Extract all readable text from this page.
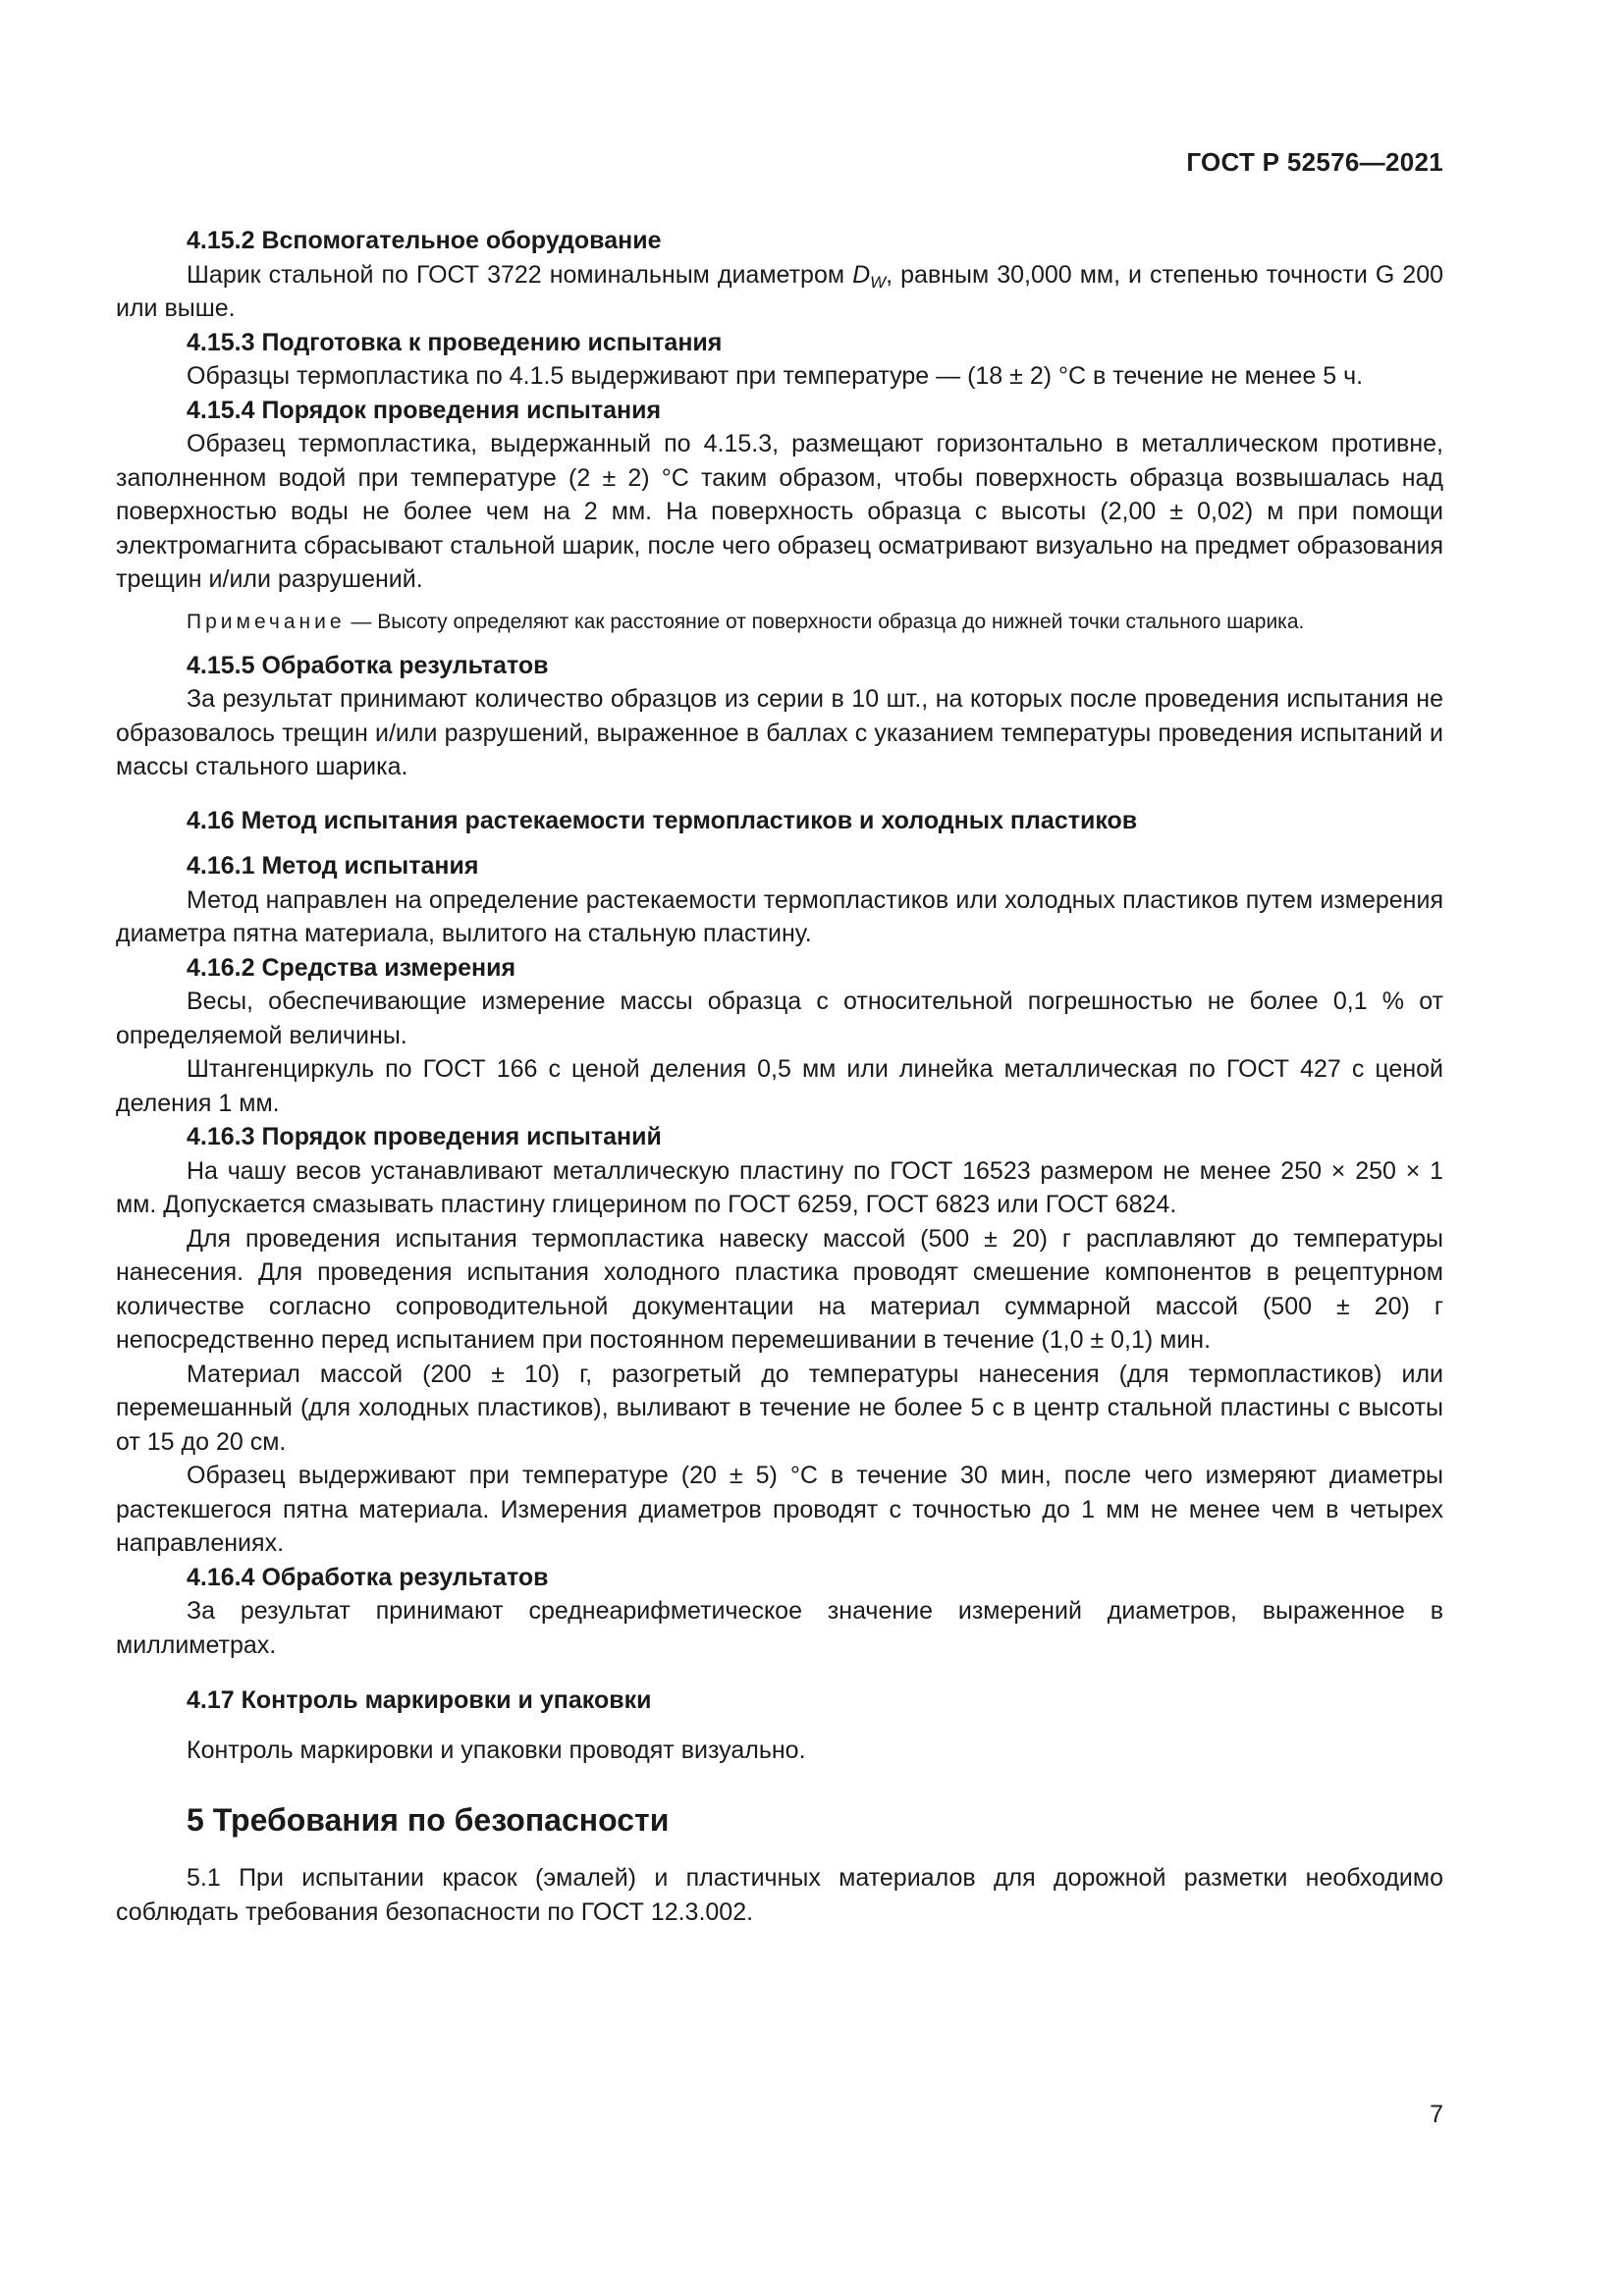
ГОСТ Р 52576—2021

4.15.2 Вспомогательное оборудование

Шарик стальной по ГОСТ 3722 номинальным диаметром $D_W$, равным 30,000 мм, и степенью точности G 200 или выше.

4.15.3 Подготовка к проведению испытания

Образцы термопластика по 4.1.5 выдерживают при температуре — (18 ± 2) °С в течение не менее 5 ч.

4.15.4 Порядок проведения испытания

Образец термопластика, выдержанный по 4.15.3, размещают горизонтально в металлическом противне, заполненном водой при температуре (2 ± 2) °С таким образом, чтобы поверхность образца возвышалась над поверхностью воды не более чем на 2 мм. На поверхность образца с высоты (2,00 ± 0,02) м при помощи электромагнита сбрасывают стальной шарик, после чего образец осматривают визуально на предмет образования трещин и/или разрушений.

Примечание — Высоту определяют как расстояние от поверхности образца до нижней точки стального шарика.

4.15.5 Обработка результатов

За результат принимают количество образцов из серии в 10 шт., на которых после проведения испытания не образовалось трещин и/или разрушений, выраженное в баллах с указанием температуры проведения испытаний и массы стального шарика.

4.16 Метод испытания растекаемости термопластиков и холодных пластиков

4.16.1 Метод испытания

Метод направлен на определение растекаемости термопластиков или холодных пластиков путем измерения диаметра пятна материала, вылитого на стальную пластину.

4.16.2 Средства измерения

Весы, обеспечивающие измерение массы образца с относительной погрешностью не более 0,1 % от определяемой величины.

Штангенциркуль по ГОСТ 166 с ценой деления 0,5 мм или линейка металлическая по ГОСТ 427 с ценой деления 1 мм.

4.16.3 Порядок проведения испытаний

На чашу весов устанавливают металлическую пластину по ГОСТ 16523 размером не менее 250 × 250 × 1 мм. Допускается смазывать пластину глицерином по ГОСТ 6259, ГОСТ 6823 или ГОСТ 6824.

Для проведения испытания термопластика навеску массой (500 ± 20) г расплавляют до температуры нанесения. Для проведения испытания холодного пластика проводят смешение компонентов в рецептурном количестве согласно сопроводительной документации на материал суммарной массой (500 ± 20) г непосредственно перед испытанием при постоянном перемешивании в течение (1,0 ± 0,1) мин.

Материал массой (200 ± 10) г, разогретый до температуры нанесения (для термопластиков) или перемешанный (для холодных пластиков), выливают в течение не более 5 с в центр стальной пластины с высоты от 15 до 20 см.

Образец выдерживают при температуре (20 ± 5) °С в течение 30 мин, после чего измеряют диаметры растекшегося пятна материала. Измерения диаметров проводят с точностью до 1 мм не менее чем в четырех направлениях.

4.16.4 Обработка результатов

За результат принимают среднеарифметическое значение измерений диаметров, выраженное в миллиметрах.

4.17 Контроль маркировки и упаковки

Контроль маркировки и упаковки проводят визуально.

5 Требования по безопасности

5.1 При испытании красок (эмалей) и пластичных материалов для дорожной разметки необходимо соблюдать требования безопасности по ГОСТ 12.3.002.

7
